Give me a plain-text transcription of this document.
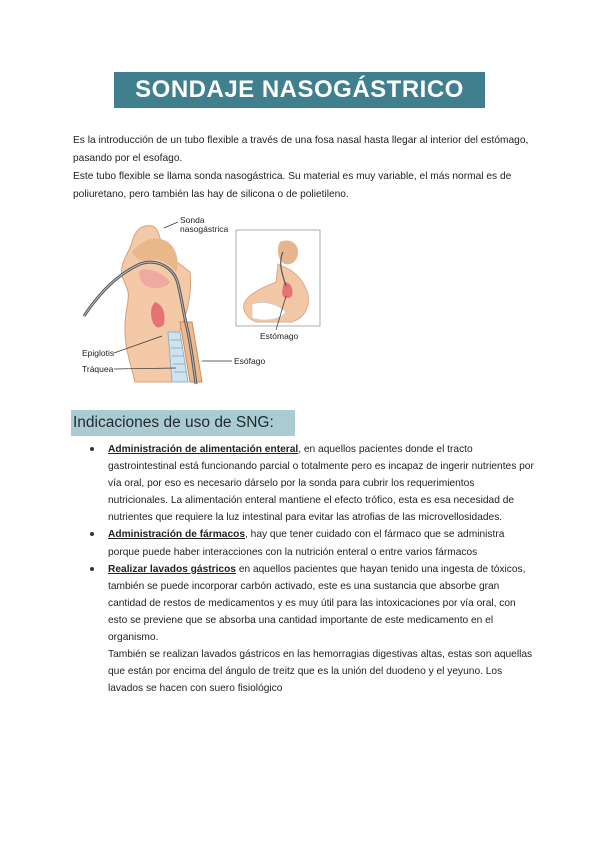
SONDAJE NASOGÁSTRICO

Es la introducción de un tubo flexible a través de una fosa nasal hasta llegar al interior del estómago, pasando por el esofago.

Este tubo flexible se llama sonda nasogástrica. Su material es muy variable, el más normal es de poliuretano, pero también las hay de silicona o de polietileno.

Sonda
nasogástrica
Epiglotis
Tráquea
Esófago
Estómago
Indicaciones de uso de SNG:
Administración de alimentación enteral, en aquellos pacientes donde el tracto gastrointestinal está funcionando parcial o totalmente pero es incapaz de ingerir nutrientes por vía oral, por eso es necesario dárselo por la sonda para cubrir los requerimientos nutricionales. La alimentación enteral mantiene el efecto trófico, esta es esa necesidad de nutrientes que requiere la luz intestinal para evitar las atrofias de las microvellosidades.
Administración de fármacos, hay que tener cuidado con el fármaco que se administra porque puede haber interacciones con la nutrición enteral o entre varios fármacos
Realizar lavados gástricos en aquellos pacientes que hayan tenido una ingesta de tóxicos, también se puede incorporar carbón activado, este es una sustancia que absorbe gran cantidad de restos de medicamentos y es muy útil para las intoxicaciones por vía oral, con esto se previene que se absorba una cantidad importante de este medicamento en el organismo.
También se realizan lavados gástricos en las hemorragias digestivas altas, estas son aquellas que están por encima del ángulo de treitz que es la unión del duodeno y el yeyuno. Los lavados se hacen con suero fisiológico
